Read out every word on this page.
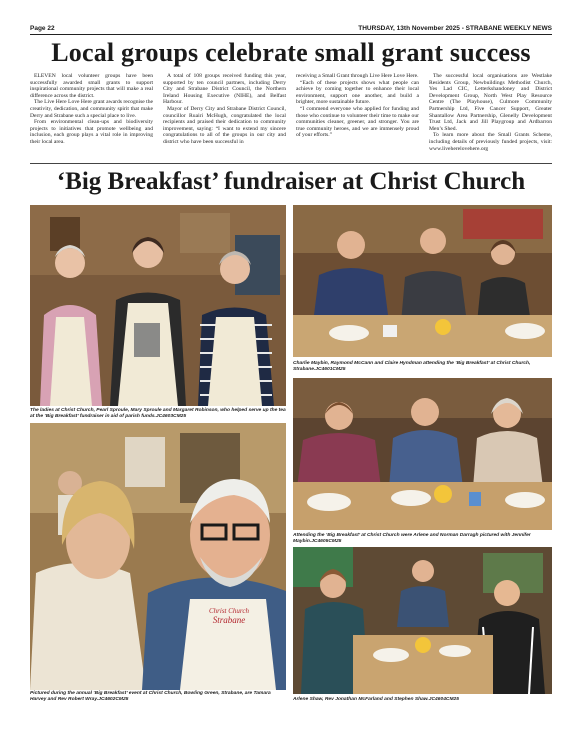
Page 22	THURSDAY, 13th November 2025 - STRABANE WEEKLY NEWS
Local groups celebrate small grant success

ELEVEN local volunteer groups have been successfully awarded small grants to support inspirational community projects that will make a real difference across the district.

The Live Here Love Here grant awards recognise the creativity, dedication, and community spirit that make Derry and Strabane such a special place to live.

From environmental clean-ups and biodiversity projects to initiatives that promote wellbeing and inclusion, each group plays a vital role in improving their local area.

A total of 108 groups received funding this year, supported by ten council partners, including Derry City and Strabane District Council, the Northern Ireland Housing Executive (NIHE), and Belfast Harbour.

Mayor of Derry City and Strabane District Council, councillor Ruairi McHugh, congratulated the local recipients and praised their dedication to community improvement, saying: “I want to extend my sincere congratulations to all of the groups in our city and district who have been successful in

receiving a Small Grant through Live Here Love Here.

“Each of these projects shows what people can achieve by coming together to enhance their local environment, support one another, and build a brighter, more sustainable future.

“I commend everyone who applied for funding and those who continue to volunteer their time to make our communities cleaner, greener, and stronger. You are true community heroes, and we are immensely proud of your efforts.”

The successful local organisations are Westlake Residents Group, Newbuildings Methodist Church, Yes Lad CIC, Letterkshandoney and District Development Group, North West Play Resource Centre (The Playhouse), Culmore Community Partnership Ltd, Five Cancer Support, Greater Shantallow Area Partnership, Glenelly Development Trust Ltd, Jack and Jill Playgroup and Ardbarron Men’s Shed.

To learn more about the Small Grants Scheme, including details of previously funded projects, visit: www.liveherelovehere.org

‘Big Breakfast’ fundraiser at Christ Church
The ladies at Christ Church, Pearl Sproule, Mary Sproule and Margaret Robinson, who helped serve up the tea at the ‘Big Breakfast’ fundraiser in aid of parish funds.JC4603CM25
Christ Church
Strabane
Pictured during the annual ‘Big Breakfast’ event at Christ Church, Bowling Green, Strabane, are Tamara Harvey and Rev Robert Wray.JC4602CM25
Charlie Maybin, Raymond McCann and Claire Hyndman attending the ‘Big Breakfast’ at Christ Church, Strabane.JC4601CM25
Attending the ‘Big Breakfast’ at Christ Church were Arlene and Norman Darragh pictured with Jennifer Maybin.JC4605CM25
Arlene Shaw, Rev Jonathan McFarland and Stephen Shaw.JC4604CM25
